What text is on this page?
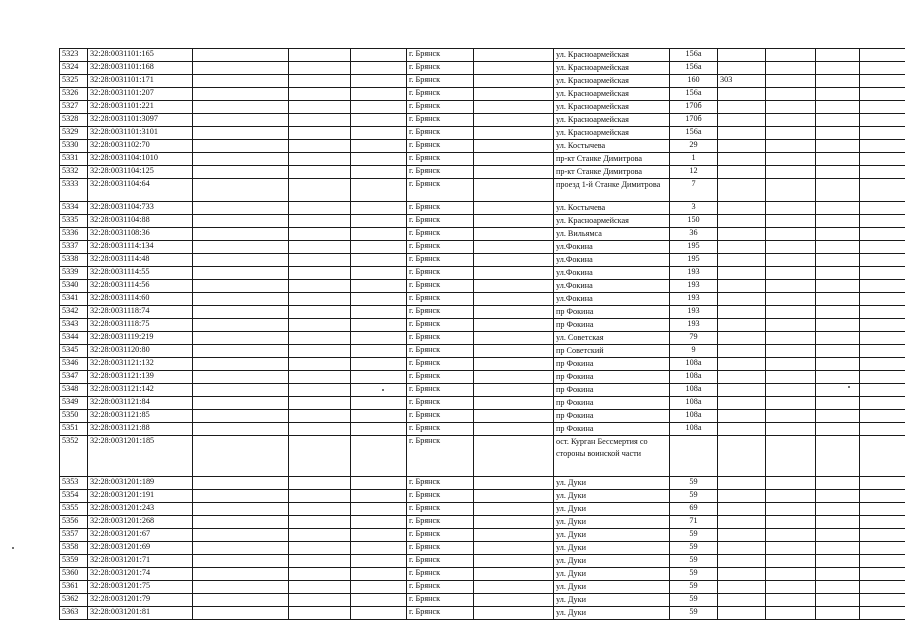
5323	32:28:0031101:165				г. Брянск		ул. Красноармейская	156а				
5324	32:28:0031101:168				г. Брянск		ул. Красноармейская	156а				
5325	32:28:0031101:171				г. Брянск		ул. Красноармейская	160	303			
5326	32:28:0031101:207				г. Брянск		ул. Красноармейская	156а				
5327	32:28:0031101:221				г. Брянск		ул. Красноармейская	170б				
5328	32:28:0031101:3097				г. Брянск		ул. Красноармейская	170б				
5329	32:28:0031101:3101				г. Брянск		ул. Красноармейская	156а				
5330	32:28:0031102:70				г. Брянск		ул. Костычева	29				
5331	32:28:0031104:1010				г. Брянск		пр-кт Станке Димитрова	1				
5332	32:28:0031104:125				г. Брянск		пр-кт Станке Димитрова	12				
5333	32:28:0031104:64				г. Брянск		проезд 1-й Станке Димитрова	7				
5334	32:28:0031104:733				г. Брянск		ул. Костычева	3				
5335	32:28:0031104:88				г. Брянск		ул. Красноармейская	150				
5336	32:28:0031108:36				г. Брянск		ул. Вильямса	36				
5337	32:28:0031114:134				г. Брянск		ул.Фокина	195				
5338	32:28:0031114:48				г. Брянск		ул.Фокина	195				
5339	32:28:0031114:55				г. Брянск		ул.Фокина	193				
5340	32:28:0031114:56				г. Брянск		ул.Фокина	193				
5341	32:28:0031114:60				г. Брянск		ул.Фокина	193				
5342	32:28:0031118:74				г. Брянск		пр Фокина	193				
5343	32:28:0031118:75				г. Брянск		пр Фокина	193				
5344	32:28:0031119:219				г. Брянск		ул. Советская	79				
5345	32:28:0031120:80				г. Брянск		пр Советский	9				
5346	32:28:0031121:132				г. Брянск		пр Фокина	108а				
5347	32:28:0031121:139				г. Брянск		пр Фокина	108а				
5348	32:28:0031121:142				г. Брянск		пр Фокина	108а				
5349	32:28:0031121:84				г. Брянск		пр Фокина	108а				
5350	32:28:0031121:85				г. Брянск		пр Фокина	108а				
5351	32:28:0031121:88				г. Брянск		пр Фокина	108а				
5352	32:28:0031201:185				г. Брянск		ост. Курган Бессмертия со стороны воинской части					
5353	32:28:0031201:189				г. Брянск		ул. Дуки	59				
5354	32:28:0031201:191				г. Брянск		ул. Дуки	59				
5355	32:28:0031201:243				г. Брянск		ул. Дуки	69				
5356	32:28:0031201:268				г. Брянск		ул. Дуки	71				
5357	32:28:0031201:67				г. Брянск		ул. Дуки	59				
5358	32:28:0031201:69				г. Брянск		ул. Дуки	59				
5359	32:28:0031201:71				г. Брянск		ул. Дуки	59				
5360	32:28:0031201:74				г. Брянск		ул. Дуки	59				
5361	32:28:0031201:75				г. Брянск		ул. Дуки	59				
5362	32:28:0031201:79				г. Брянск		ул. Дуки	59				
5363	32:28:0031201:81				г. Брянск		ул. Дуки	59				
